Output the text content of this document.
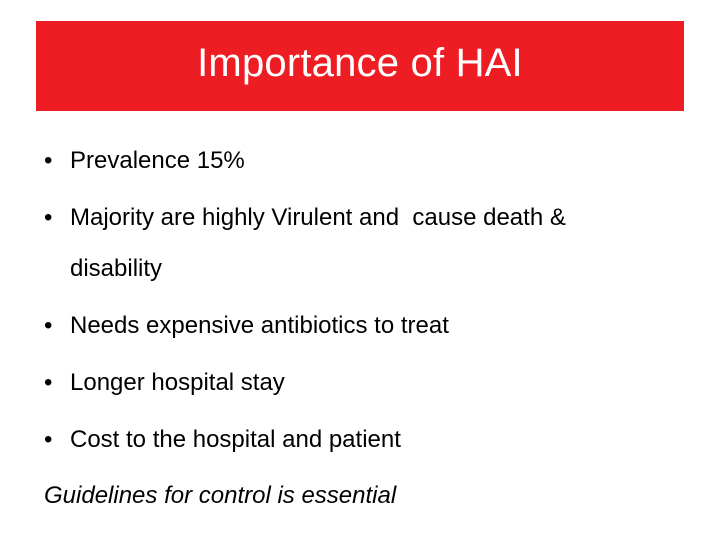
Importance of HAI
• Prevalence 15%
• Majority are highly Virulent and  cause death &
disability
• Needs expensive antibiotics to treat
• Longer hospital stay
• Cost to the hospital and patient
Guidelines for control is essential
